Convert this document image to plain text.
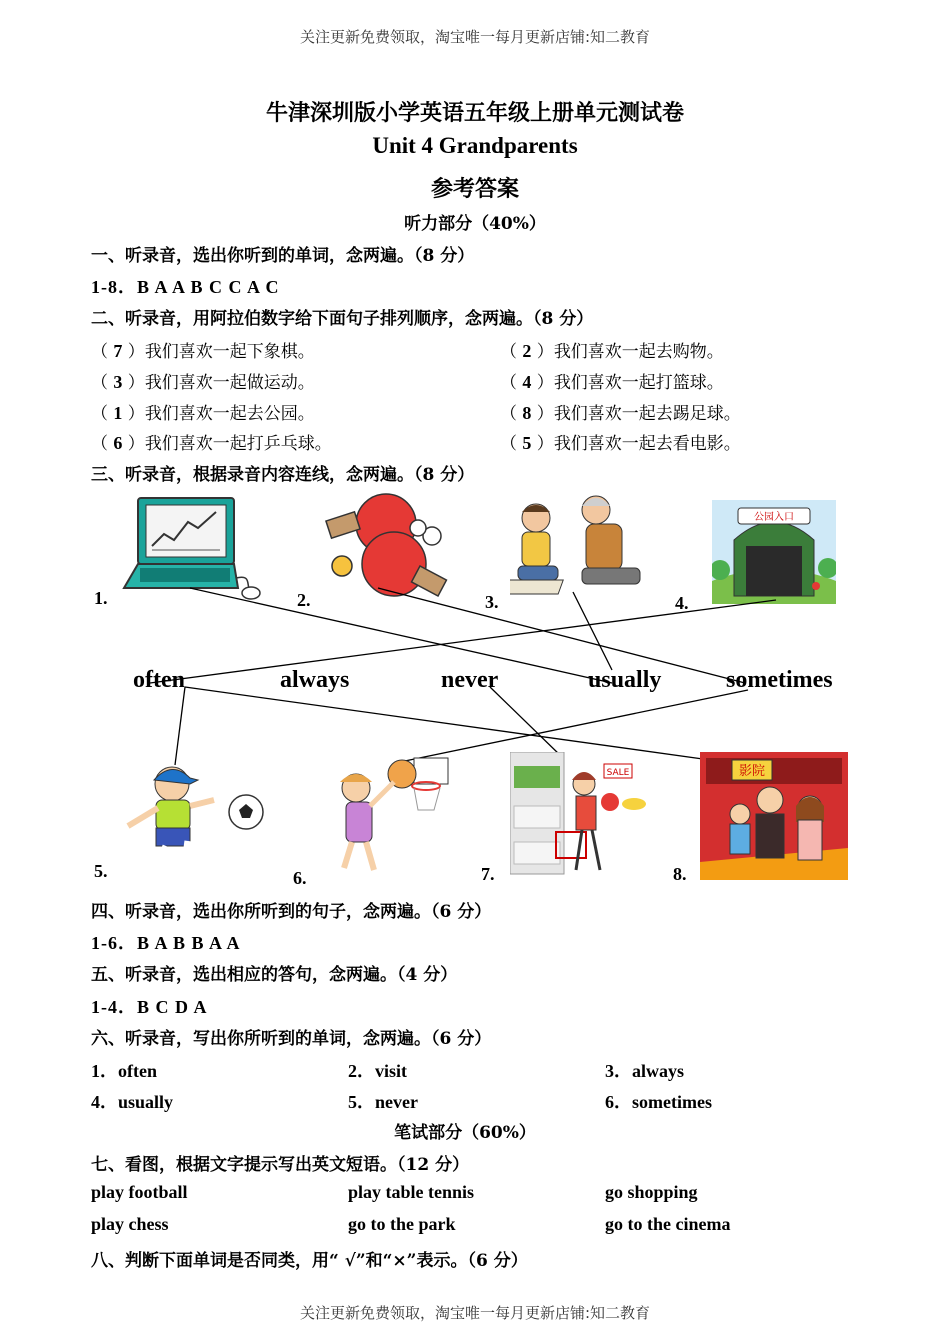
关注更新免费领取，淘宝唯一每月更新店铺:知二教育
牛津深圳版小学英语五年级上册单元测试卷
Unit 4 Grandparents
参考答案
听力部分（40%）
一、听录音，选出你听到的单词，念两遍。（8 分）
1-8．B A A B C C A C
二、听录音，用阿拉伯数字给下面句子排列顺序，念两遍。（8 分）
（ 7 ）我们喜欢一起下象棋。	（ 2 ）我们喜欢一起去购物。
（ 3 ）我们喜欢一起做运动。	（ 4 ）我们喜欢一起打篮球。
（ 1 ）我们喜欢一起去公园。	（ 8 ）我们喜欢一起去踢足球。
（ 6 ）我们喜欢一起打乒乓球。	（ 5 ）我们喜欢一起去看电影。
三、听录音，根据录音内容连线，念两遍。（8 分）
公园入口
1.	2.	3.	4.
often	always	never	usually	sometimes
SALE	影院
5.	6.	7.	8.
四、听录音，选出你所听到的句子，念两遍。（6 分）
1-6．B A B B A A
五、听录音，选出相应的答句，念两遍。（4 分）
1-4．B C D A
六、听录音，写出你所听到的单词，念两遍。（6 分）
1．often	2．visit	3．always
4．usually	5．never	6．sometimes
笔试部分（60%）
七、看图，根据文字提示写出英文短语。（12 分）
play football	play table tennis	go shopping
play chess	go to the park	go to the cinema
八、判断下面单词是否同类，用“ √”和“×”表示。（6 分）
关注更新免费领取，淘宝唯一每月更新店铺:知二教育
